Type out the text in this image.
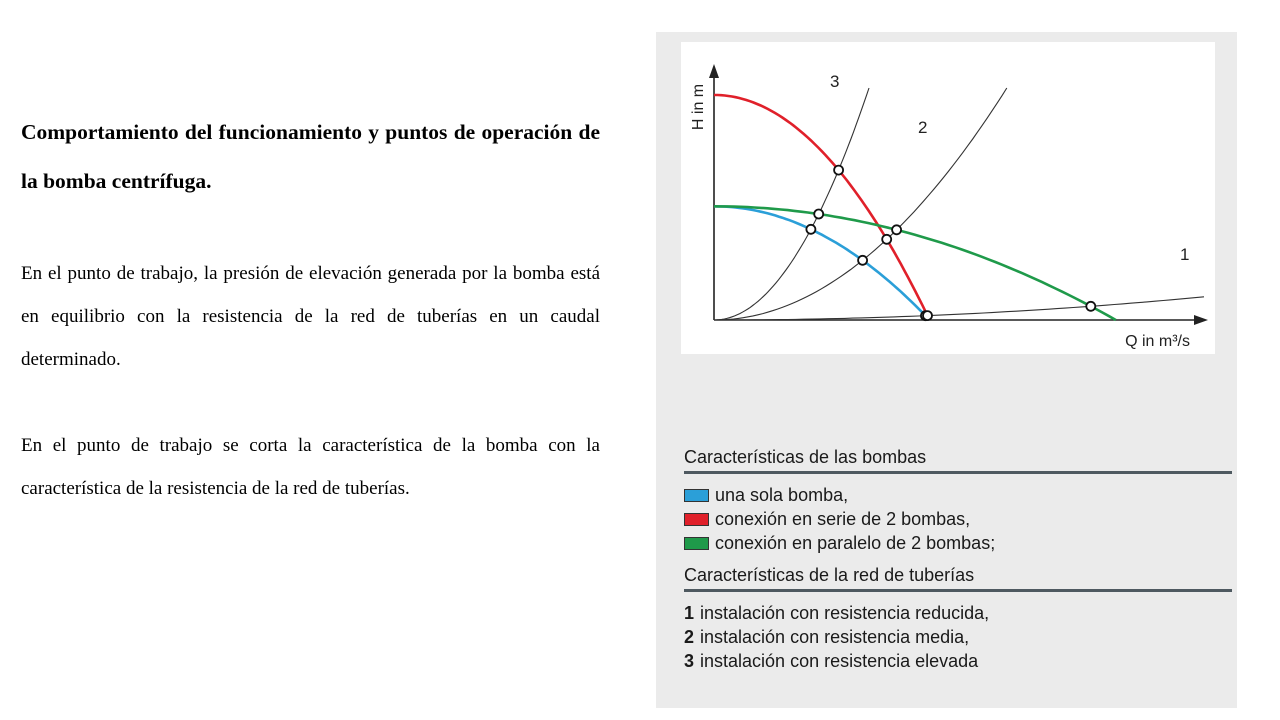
Comportamiento del funcionamiento y puntos de operación de la bomba centrífuga.

En el punto de trabajo, la presión de elevación generada por la bomba está en equilibrio con la resistencia de la red de tuberías en un caudal determinado.

En el punto de trabajo se corta la característica de la bomba con la característica de la resistencia de la red de tuberías.

Q in m³/s
H in m
1
2
3
Características de las bombas
una sola bomba,
conexión en serie de 2 bombas,
conexión en paralelo de 2 bombas;
Características de la red de tuberías
1 instalación con resistencia reducida,
2 instalación con resistencia media,
3 instalación con resistencia elevada
